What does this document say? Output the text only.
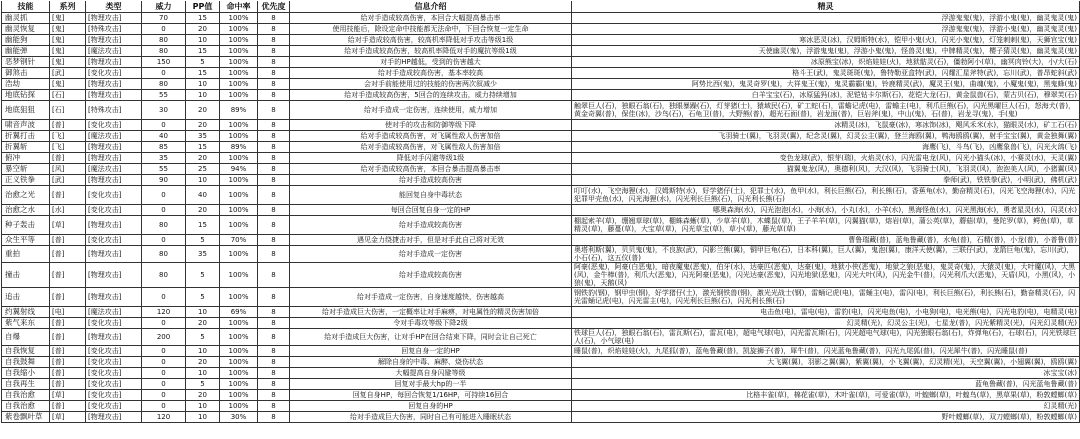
技能	系列	类型	威力	PP值	命中率	优先度	信息介绍	精灵
幽灵抓	[鬼]	[物理攻击]	70	15	100%	8	给对手造成较高伤害，本回合大幅提高暴击率	浮游鬼鬼(鬼)，浮游小鬼(鬼)，幽灵鬼灵(鬼)
幽灵恢复	[鬼]	[特殊攻击]	0	20	100%	8	使用技能后，除设定命中技能都无法命中，下回合恢复一定生命	浮游鬼鬼(鬼)，浮游小鬼(鬼)，幽灵鬼灵(鬼)
幽能狗	[鬼]	[物理攻击]	80	10	100%	8	给对手造成较高伤害，较高机率降低对手攻击等级1级	寒冰恶灵(冰)，汉姆斯特(水)，铠甲小鬼(火)，闪光小鬼(鬼)，灯笼刺刺(鬼)，天狮官宝(鬼)
幽能弹	[鬼]	[魔法攻击]	80	15	100%	8	给对手造成较高伤害，较高机率降低对手的魔抗等级1级	天使幽灵(鬼)，浮游鬼鬼(鬼)，浮游小鬼(鬼)，怪兽灵(鬼)，中牌精灵(鬼)，樱子猜灵(鬼)，幽灵鬼灵(鬼)
恶梦钢针	[鬼]	[物理攻击]	150	5	100%	8	对手的HP越低，受到的伤害越大	冰原熊宝(冰)，炽焰娃娃(火)，地狱骷灵(石)，僵勃阿小(草)，幽冥肉铃(大)，小/大(石)
御煞击	[武]	[变化攻击]	0	15	100%	8	给对手造成较高伤害，基本率较高	格斗王(武)，鬼灵斑斑(鬼)，鲁特勒亚盒特(武)，闪耀汇星斧特(武)，忘川(武)，普昂蛇斜(武)
浩劫	[鬼]	[物理攻击]	80	10	100%	8	会对手前能使用过的技能的伤害两次叙减少	阿势比西(鬼)，鬼灵奇罗(鬼)，大祥鬼王(鬼)，鬼灵霸霸(鬼)，铃鹿精灵(武)，魔灵王(鬼)，曲魂(鬼)，小魔鬼(鬼)，黑鬼蜂(鬼)
地底钻探	[石]	[物理攻击]	55	10	100%	8	给对手造成较高伤害，5回合的连续攻击，威力持续增加	白羊宝宝(石)，冰原猛犸(冰)，泥铠钻卡尔斯(石)，花铠大龙(石)，黄金鼠兽(石)，蒙古贝(石)，穆翠芙(石)
地底狙狙	[石]	[特殊攻击]	30	20	89%	8	给对手造成一定伤害，连续使用，威力增加	触翠巨人(石)，独眼石翁(石)，独眼暴躁(石)，灯芽猪(士)，猿域民(石)，矿工蛇(石)，雷蟾记虎(电)，雷蟾主(电)，利爪巨熊(石)，闪光黑曜巨人(石)，怒海犬(普)，黄金奇翼(普)，保佳(冰)，沙鸟(石)，石龟卫(普)，大野熊(普)，超光石面(普)，岩龙面(普)，巨岩斧(鬼)，中山(鬼)，石(普)，岩龙寻(鬼)，手(鬼)
啸音声波	[普]	[变化攻击]	0	20	100%	8	使对手的攻击和防御等级下降	冰精灵(冰)，飞鼠豪(冰)，寒冰饰(冰)，飓风禾米(水)，猫眼灵(水)，矿工石(石)
折翼打击	[飞]	[魔法攻击]	40	35	100%	8	给对手造成较高伤害，对飞属性敌人伤害加倍	飞羽骑士(翼)，飞羽灵(翼)，纪念灵(翼)，幻灵公主(翼)，登兰海鸥(翼)，鸭海鸥鸥(翼)，射手宝宝(翼)，黄金独舞(翼)
折翼斩	[飞]	[物理攻击]	85	15	89%	8	给对手造成较高伤害，对飞属性敌人伤害加倍	海鹰(飞)，斗鸟(飞)，凶鹰象兽(飞)，闪光火鸽(飞)
俯冲	[普]	[物理攻击]	35	20	100%	8	降低对手闪避等级1级	变色龙球(武)，银芽(瑞)，火焰灵(水)，闪光雷电龙(风)，闪光小猫头(冰)，小赛灵(水)，天灵(翼)
暴空斩	[风]	[魔法攻击]	55	25	94%	8	给对手造成较高伤害，本回合暴击提高暴击率	猫翼鬼龙(风)，奥德利(风)，大汉(风)，飞羽骑士(风)，飞羽灵(风)，泡泡美人(风)，小猪翼(风)
正义铁拳	[武]	[物理攻击]	90	10	100%	8	给对手造成较高伤害	拳师(武)，铁铁拳(武)，小明(武)，佛机(武)
治愈之光	[普]	[变化攻击]	0	40	100%	8	能回复自身中毒状态	叮叮(水)，飞空海狸(水)，汉姆斯特(水)，好学猪仔(土)，犯罪士(水)，鱼甲(水)，利长巨熊(石)，利长熊(石)，香蕉龟(水)，勤奋精灵(石)，闪光飞空海狸(水)，闪光犯罪甲壳鱼(水)，闪光海狸(水)，闪光利长巨熊(石)，闪光利长熊(石)
治愈之水	[水]	[变化攻击]	0	20	100%	8	每回合回复自身一定的HP	哪奥森海(水)，闪光泡泡(水)，小海(水)，小丸(水)，小羊(水)，黑海怪鱼(水)，闪光黑海(水)，勇者星灵(水)，闪灵(水)
种子轰击	[草]	[物理攻击]	80	15	100%	8	给对手造成较高伤害	棚起索羊(草)，绷翘草球(草)，棚蛛森蜥(草)，少草羊(草)，木蝶鼠(草)，王子羊羊(草)，闪翼猫(草)，熔岩(草)，蒲公英(草)，蘑菇(草)，曼陀罗(草)，鳄鱼(草)，草精灵(草)，藤蔓(草)，大宝草(草)，闪光草宝(草)，草小(草)，藤光草(草)
众生平等	[普]	[变化攻击]	0	5	70%	8	遇见金力绕捷击对手，但是对手此自己将对无效	曹鲁瑞藏(普)，蓝龟鲁藏(普)，水龟(普)，石精(普)，小龙(普)，小普鲁(普)
重拍	[普]	[物理攻击]	80	35	100%	8	给对手造成一定伤害	奥塔利斯(翼)，贝贝鬼(鬼)，不良族(武)，闪影兰熊(翼)，铜甲巨龟(石)，日本科(翼)，巨人(翼)，鬼泡(翼)，康洋天使(翼)，三联仔(武)，龙箭巨龟(鬼)，忘川(武)，小石(石)，这五仪(普)
撞击	[普]	[物理攻击]	80	5	100%	8	给对手造成较高伤害	阿豪(恶鬼)，阿豪(白恶鬼)，暗夜魔鬼(恶鬼)，伯牙(水)，达豪匹(恶鬼)，达豪(鬼)，地狱小侠(恶鬼)，地狱之狼(恶鬼)，鬼灵奇(鬼)，大猿灵(鬼)，大叶魔(风)，大黑(风)，金牛棒(普)，利爪大(恶鬼)，闪光阿豪(恶鬼)，闪光达豪(恶鬼)，闪光地狱(恶鬼)，闪光大叶(风)，闪光金牛(普)，闪光利爪大(恶鬼)，天盾(风)，小黑(风)，小狼(鬼)，天鹅(风)
追击	[普]	[物理攻击]	0	5	100%	8	给对手造成一定伤害，自身速度越快，伤害越高	钢铁豹(钢)，钢甲虫(钢)，好学猪仔(土)，激光钢铁兽(钢)，激光光战士(钢)，雷蛹记虎(电)，雷蛹主(电)，雷闪(电)，利长巨熊(石)，利长熊(石)，勤奋精灵(石)，闪光雷蛹记虎(电)，闪光雷主(电)，闪光利长巨熊(石)，闪光利长熊(石)
约翼射线	[电]	[魔法攻击]	120	10	69%	8	给对手造成巨大伤害，一定概率让对手麻痹，对电属性的精灵伤害加倍	电击鱼(电)，雷电(电)，雷豹(电)，闪光电鱼(电)，小电狗(电)，电光熊(电)，闪光电豹(电)，电精灵(电)
紫气来东	[普]	[变化攻击]	0	20	100%	8	令对手毒攻等级下降2级	幻灵精(光)，幻灵公主(光)，七星龙(普)，闪光紫精灵(光)，闪光幻灵精(光)
自爆	[普]	[物理攻击]	200	5	100%	8	给对手造成巨大伤害，让对手HP在回合结束下降，同时会让自己死亡	铁球巨人(石)，独眼石翁(石)，雷瓦斯(石)，雷瓦(电)，超电气球(电)，闪光雷瓦斯(石)，闪光超电气球(电)，闪光独眼石翁(石)，炸弹龟(石)，石球(石)，闪光铁球巨人(石)，小气球(电)
自我恢复	[普]	[变化攻击]	0	10	100%	8	回复自身一定的HP	睡鼠(普)，炽焰娃娃(火)，九尾狐(普)，蓝龟鲁藏(普)，凯旋狮子(普)，犀牛(普)，闪光蓝龟鲁藏(普)，闪光九尾狐(普)，闪光犀牛(普)，闪光睡鼠(普)
自我鼓舞	[普]	[变化攻击]	0	20	100%	8	解除自身的中毒、麻醉、烧伤状态	大飞翼(翼)，羽影之翼(翼)，紫翼(翼)，小飞翼(翼)，幻灵精(光)，天空翼(翼)，小翅翼(翼)，鸥鸥(翼)
自我缩小	[普]	[变化攻击]	0	10	100%	8	大幅提高自身闪避等级	冰宝宝(冰)
自我再生	[普]	[变化攻击]	0	5	100%	8	回复对手最大hp的一半	蓝龟鲁藏(普)，闪光蓝龟鲁藏(普)
自我治愈	[草]	[变化攻击]	0	20	100%	8	回复自身HP，每回合恢复1/16HP，可持续16回合	比格丰雀(草)，棉花雀(草)，木叶雀(草)，可爱雀(草)，叶蝗螂(草)，叶蝗鸟(草)，黑草果(草)，粉敦螳螂(草)
自我治愈	[普]	[变化攻击]	0	10	100%	8	回复自身的HP	幻灵精(光)
紫卷飘叶草	[草]	[物理攻击]	120	10	30%	8	给对手造成巨大伤害，同时自己有可能进入睡眠状态	野叶螳螂(草)，双刀螳螂(草)，粉敦螳螂(草)
